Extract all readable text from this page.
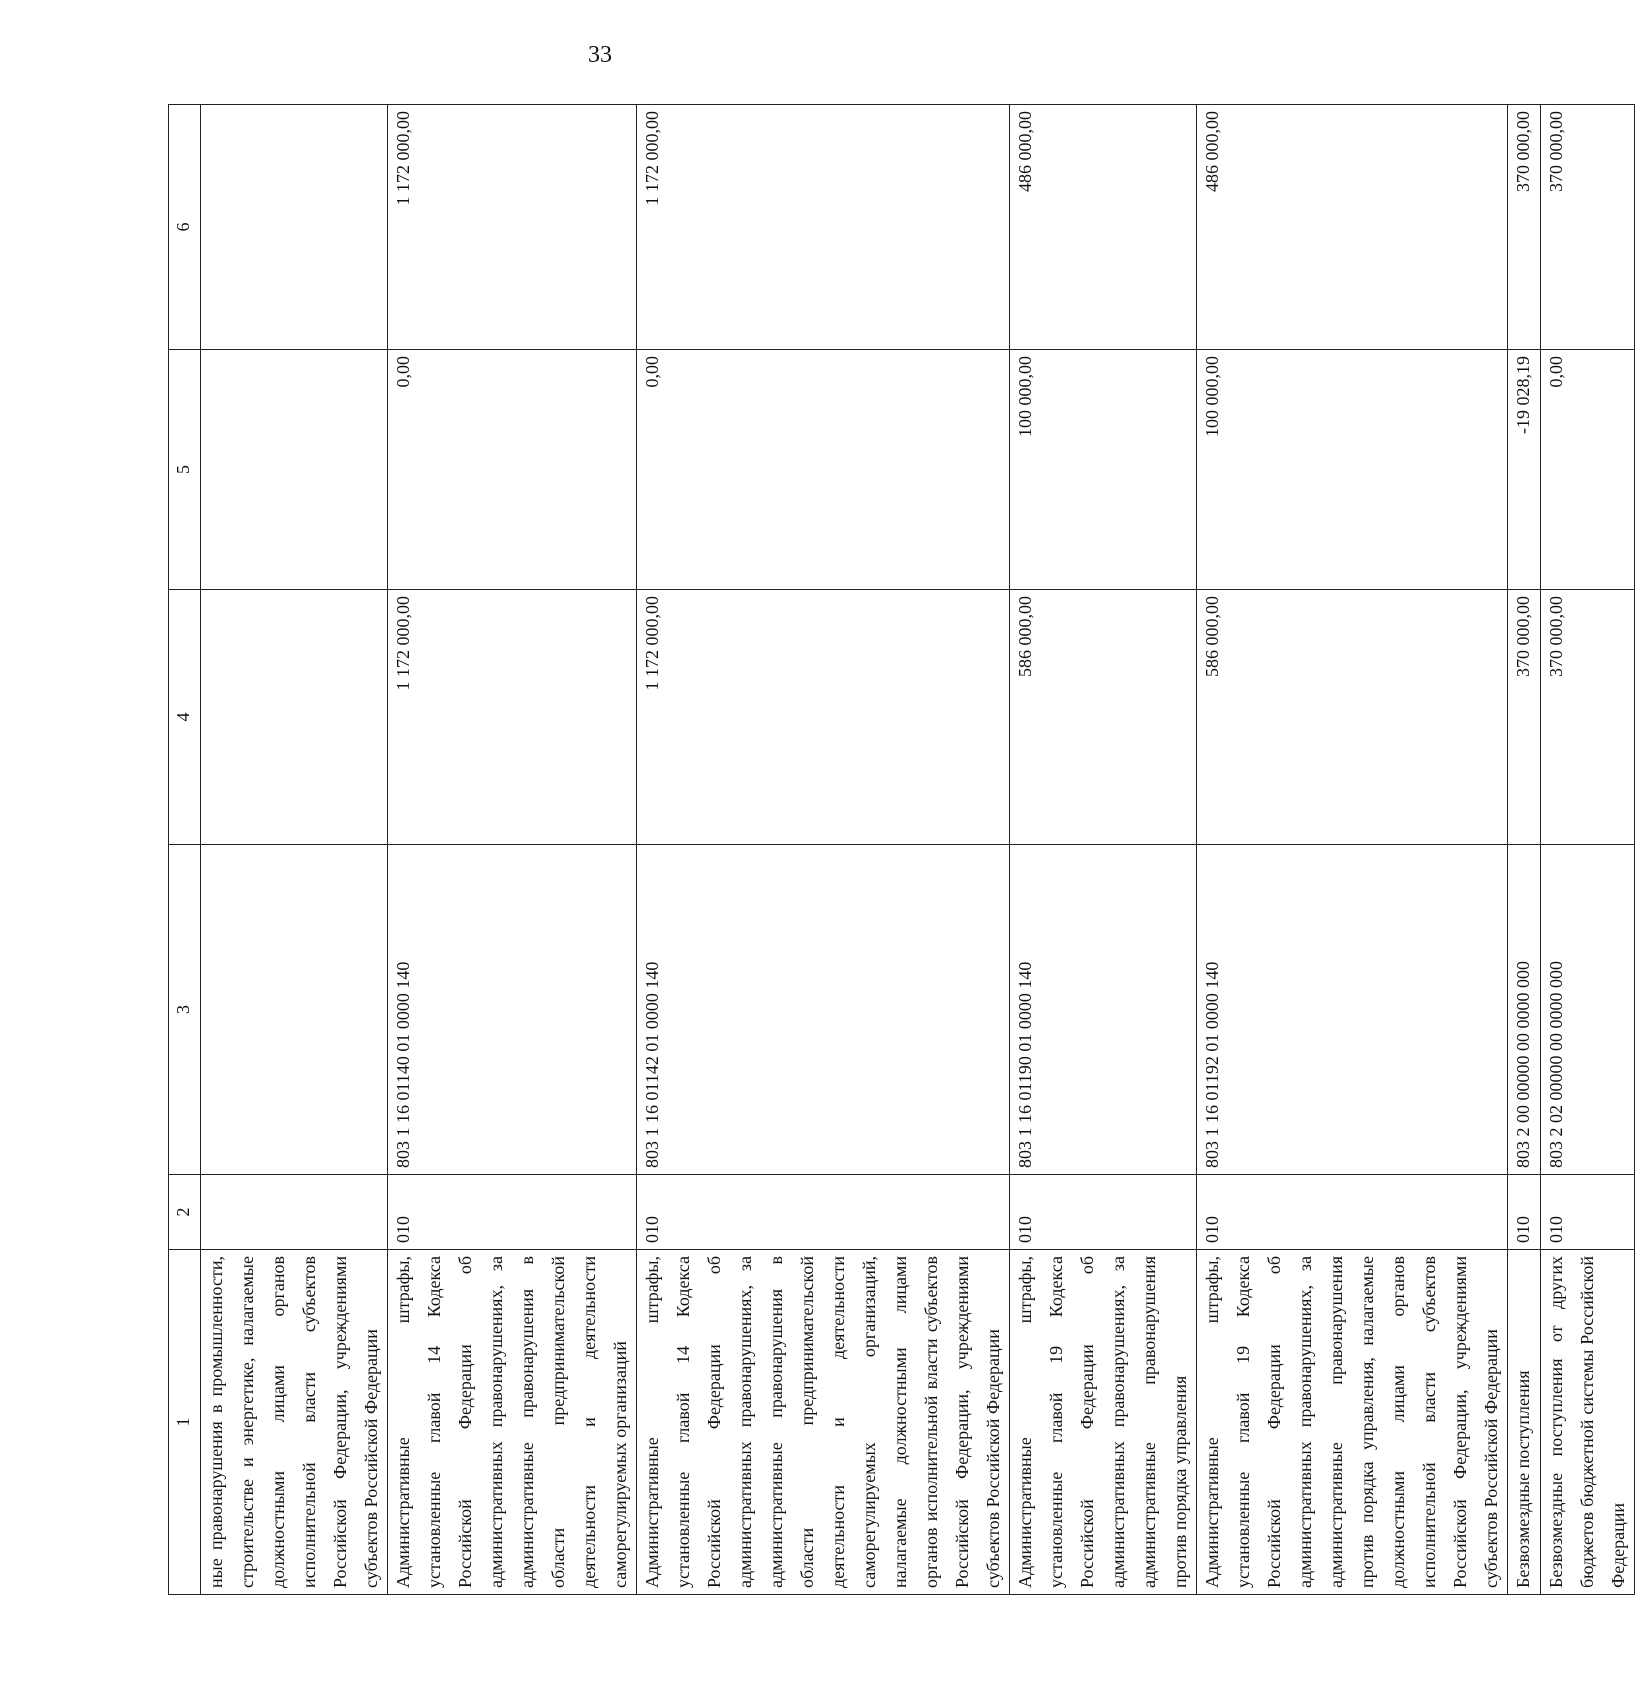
33
1	2	3	4	5	6
ные правонарушения в промышленности, строительстве и энергетике, налагаемые должностными лицами органов исполнительной власти субъектов Российской Федерации, учреждениями субъектов Российской Федерации					
Административные штрафы, установленные главой 14 Кодекса Российской Федерации об административных правонарушениях, за административные правонарушения в области предпринимательской деятельности и деятельности саморегулируемых организаций	010	803 1 16 01140 01 0000 140	1 172 000,00	0,00	1 172 000,00
Административные штрафы, установленные главой 14 Кодекса Российской Федерации об административных правонарушениях, за административные правонарушения в области предпринимательской деятельности и деятельности саморегулируемых организаций, налагаемые должностными лицами органов исполнительной власти субъектов Российской Федерации, учреждениями субъектов Российской Федерации	010	803 1 16 01142 01 0000 140	1 172 000,00	0,00	1 172 000,00
Административные штрафы, установленные главой 19 Кодекса Российской Федерации об административных правонарушениях, за административные правонарушения против порядка управления	010	803 1 16 01190 01 0000 140	586 000,00	100 000,00	486 000,00
Административные штрафы, установленные главой 19 Кодекса Российской Федерации об административных правонарушениях, за административные правонарушения против порядка управления, налагаемые должностными лицами органов исполнительной власти субъектов Российской Федерации, учреждениями субъектов Российской Федерации	010	803 1 16 01192 01 0000 140	586 000,00	100 000,00	486 000,00
Безвозмездные поступления	010	803 2 00 00000 00 0000 000	370 000,00	-19 028,19	370 000,00
Безвозмездные поступления от других бюджетов бюджетной системы Российской Федерации	010	803 2 02 00000 00 0000 000	370 000,00	0,00	370 000,00
